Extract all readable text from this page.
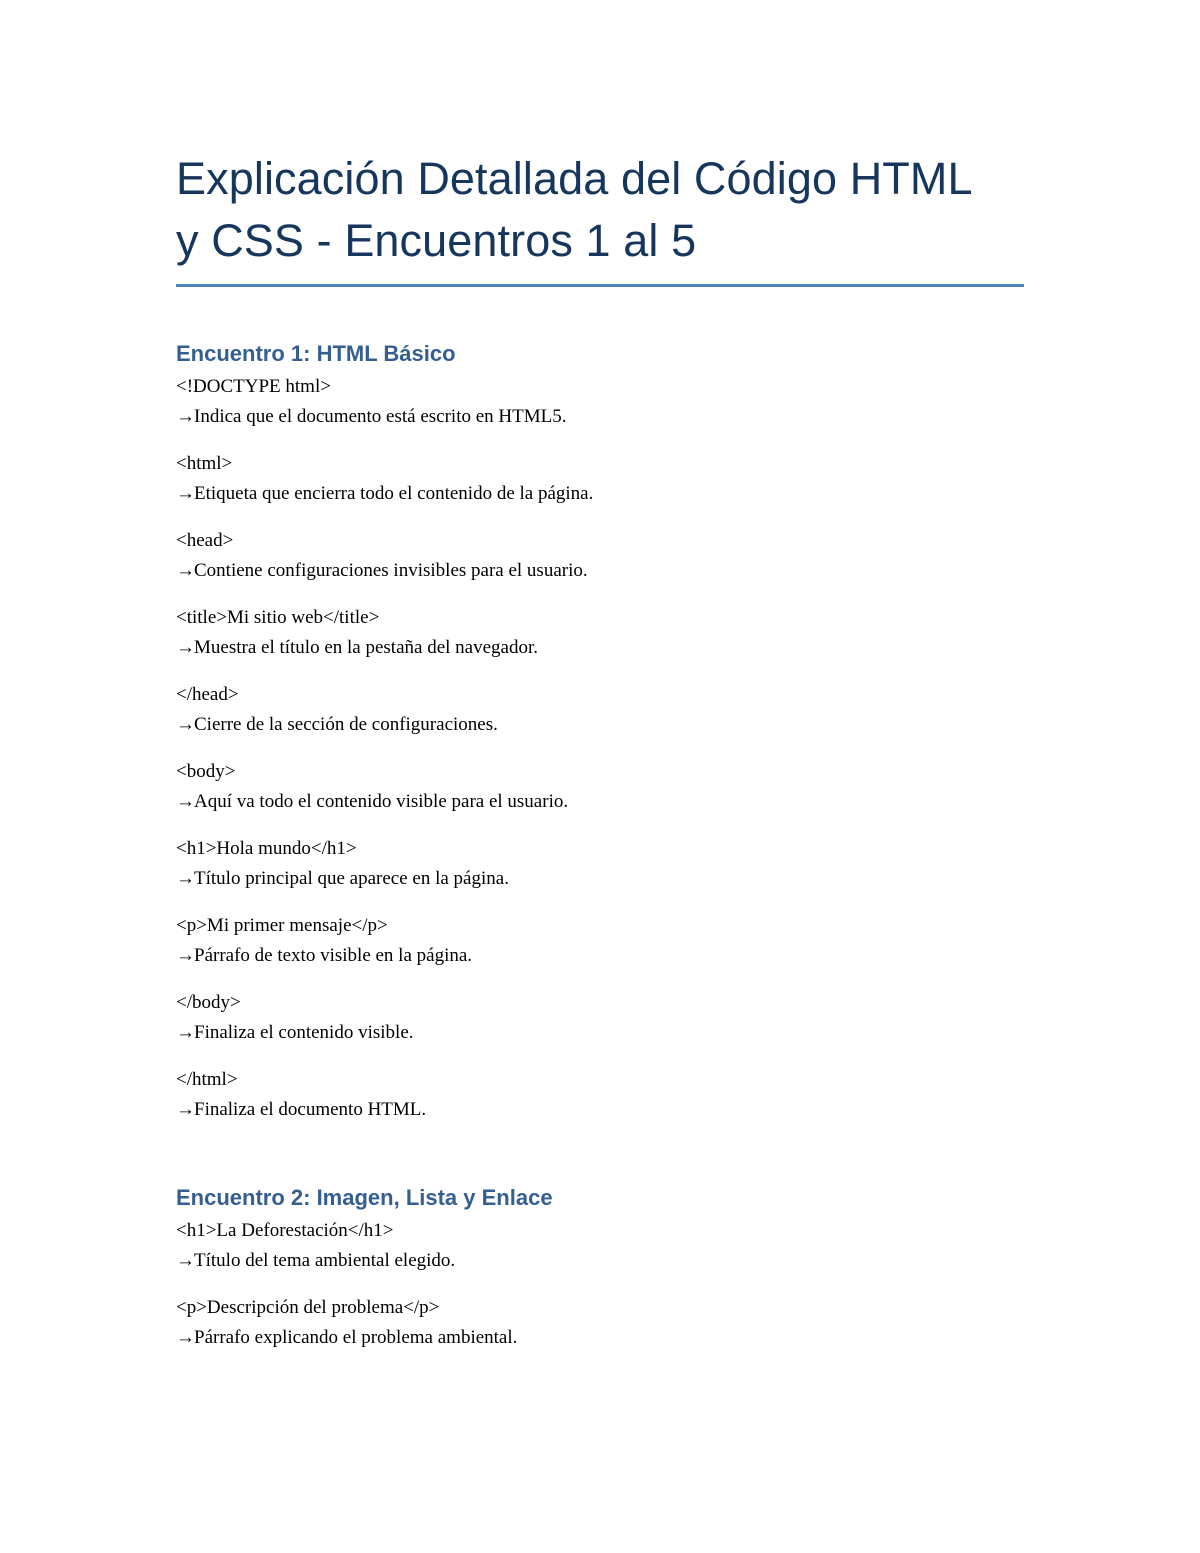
Explicación Detallada del Código HTML
y CSS - Encuentros 1 al 5
Encuentro 1: HTML Básico

<!DOCTYPE html>
→Indica que el documento está escrito en HTML5.

<html>
→Etiqueta que encierra todo el contenido de la página.

<head>
→Contiene configuraciones invisibles para el usuario.

<title>Mi sitio web</title>
→Muestra el título en la pestaña del navegador.

</head>
→Cierre de la sección de configuraciones.

<body>
→Aquí va todo el contenido visible para el usuario.

<h1>Hola mundo</h1>
→Título principal que aparece en la página.

<p>Mi primer mensaje</p>
→Párrafo de texto visible en la página.

</body>
→Finaliza el contenido visible.

</html>
→Finaliza el documento HTML.

Encuentro 2: Imagen, Lista y Enlace

<h1>La Deforestación</h1>
→Título del tema ambiental elegido.

<p>Descripción del problema</p>
→Párrafo explicando el problema ambiental.
